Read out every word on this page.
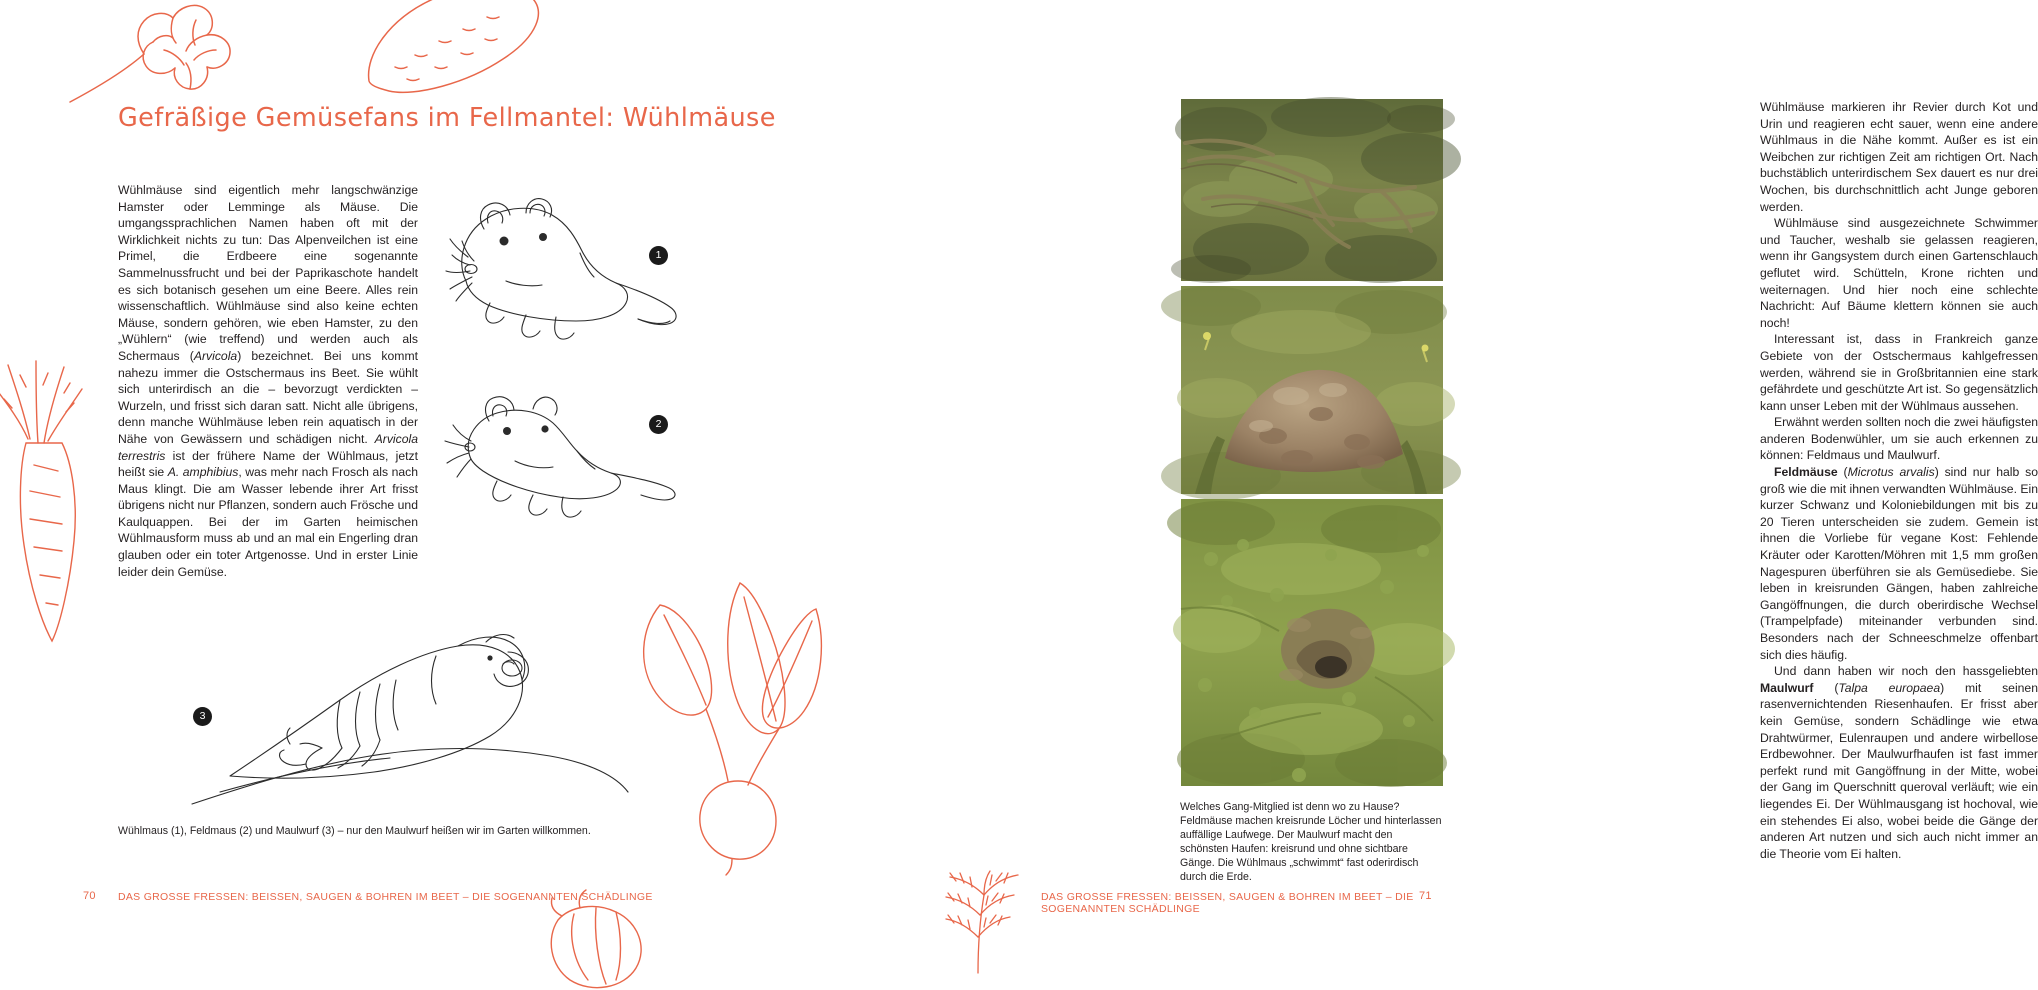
Gefräßige Gemüsefans im Fellmantel: Wühlmäuse

Wühlmäuse sind eigentlich mehr langschwänzige Hamster oder Lemminge als Mäuse. Die umgangssprachlichen Namen haben oft mit der Wirklichkeit nichts zu tun: Das Alpenveilchen ist eine Primel, die Erdbeere eine sogenannte Sammelnussfrucht und bei der Paprikaschote handelt es sich botanisch gesehen um eine Beere. Alles rein wissenschaftlich. Wühlmäuse sind also keine echten Mäuse, sondern gehören, wie eben Hamster, zu den „Wühlern“ (wie treffend) und werden auch als Schermaus (Arvicola) bezeichnet. Bei uns kommt nahezu immer die Ostschermaus ins Beet. Sie wühlt sich unterirdisch an die – bevorzugt verdickten – Wurzeln, und frisst sich daran satt. Nicht alle übrigens, denn manche Wühlmäuse leben rein aquatisch in der Nähe von Gewässern und schädigen nicht. Arvicola terrestris ist der frühere Name der Wühlmaus, jetzt heißt sie A. amphibius, was mehr nach Frosch als nach Maus klingt. Die am Wasser lebende ihrer Art frisst übrigens nicht nur Pflanzen, sondern auch Frösche und Kaulquappen. Bei der im Garten heimischen Wühlmausform muss ab und an mal ein Engerling dran glauben oder ein toter Artgenosse. Und in erster Linie leider dein Gemüse.

1
2
3
Wühlmaus (1), Feldmaus (2) und Maulwurf (3) – nur den Maulwurf heißen wir im Garten willkommen.
70 DAS GROSSE FRESSEN: BEISSEN, SAUGEN & BOHREN IM BEET – DIE SOGENANNTEN SCHÄDLINGE

Wühlmäuse markieren ihr Revier durch Kot und Urin und reagieren echt sauer, wenn eine andere Wühlmaus in die Nähe kommt. Außer es ist ein Weibchen zur richtigen Zeit am richtigen Ort. Nach buchstäblich unterirdischem Sex dauert es nur drei Wochen, bis durchschnittlich acht Junge geboren werden.

Wühlmäuse sind ausgezeichnete Schwimmer und Taucher, weshalb sie gelassen reagieren, wenn ihr Gangsystem durch einen Gartenschlauch geflutet wird. Schütteln, Krone richten und weiternagen. Und hier noch eine schlechte Nachricht: Auf Bäume klettern können sie auch noch!

Interessant ist, dass in Frankreich ganze Gebiete von der Ostschermaus kahlgefressen werden, während sie in Großbritannien eine stark gefährdete und geschützte Art ist. So gegensätzlich kann unser Leben mit der Wühlmaus aussehen.

Erwähnt werden sollten noch die zwei häufigsten anderen Bodenwühler, um sie auch erkennen zu können: Feldmaus und Maulwurf.

Feldmäuse (Microtus arvalis) sind nur halb so groß wie die mit ihnen verwandten Wühlmäuse. Ein kurzer Schwanz und Koloniebildungen mit bis zu 20 Tieren unterscheiden sie zudem. Gemein ist ihnen die Vorliebe für vegane Kost: Fehlende Kräuter oder Karotten/Möhren mit 1,5 mm großen Nagespuren überführen sie als Gemüsediebe. Sie leben in kreisrunden Gängen, haben zahlreiche Gangöffnungen, die durch oberirdische Wechsel (Trampelpfade) miteinander verbunden sind. Besonders nach der Schneeschmelze offenbart sich dies häufig.

Und dann haben wir noch den hassgeliebten Maulwurf (Talpa europaea) mit seinen rasenvernichtenden Riesenhaufen. Er frisst aber kein Gemüse, sondern Schädlinge wie etwa Drahtwürmer, Eulenraupen und andere wirbellose Erdbewohner. Der Maulwurfhaufen ist fast immer perfekt rund mit Gangöffnung in der Mitte, wobei der Gang im Querschnitt queroval verläuft; wie ein liegendes Ei. Der Wühlmausgang ist hochoval, wie ein stehendes Ei also, wobei beide die Gänge der anderen Art nutzen und sich auch nicht immer an die Theorie vom Ei halten.

Welches Gang-Mitglied ist denn wo zu Hause? Feldmäuse machen kreisrunde Löcher und hinterlassen auffällige Laufwege. Der Maulwurf macht den schönsten Haufen: kreisrund und ohne sichtbare Gänge. Die Wühlmaus „schwimmt“ fast oderirdisch durch die Erde.
DAS GROSSE FRESSEN: BEISSEN, SAUGEN & BOHREN IM BEET – DIE SOGENANNTEN SCHÄDLINGE
71
